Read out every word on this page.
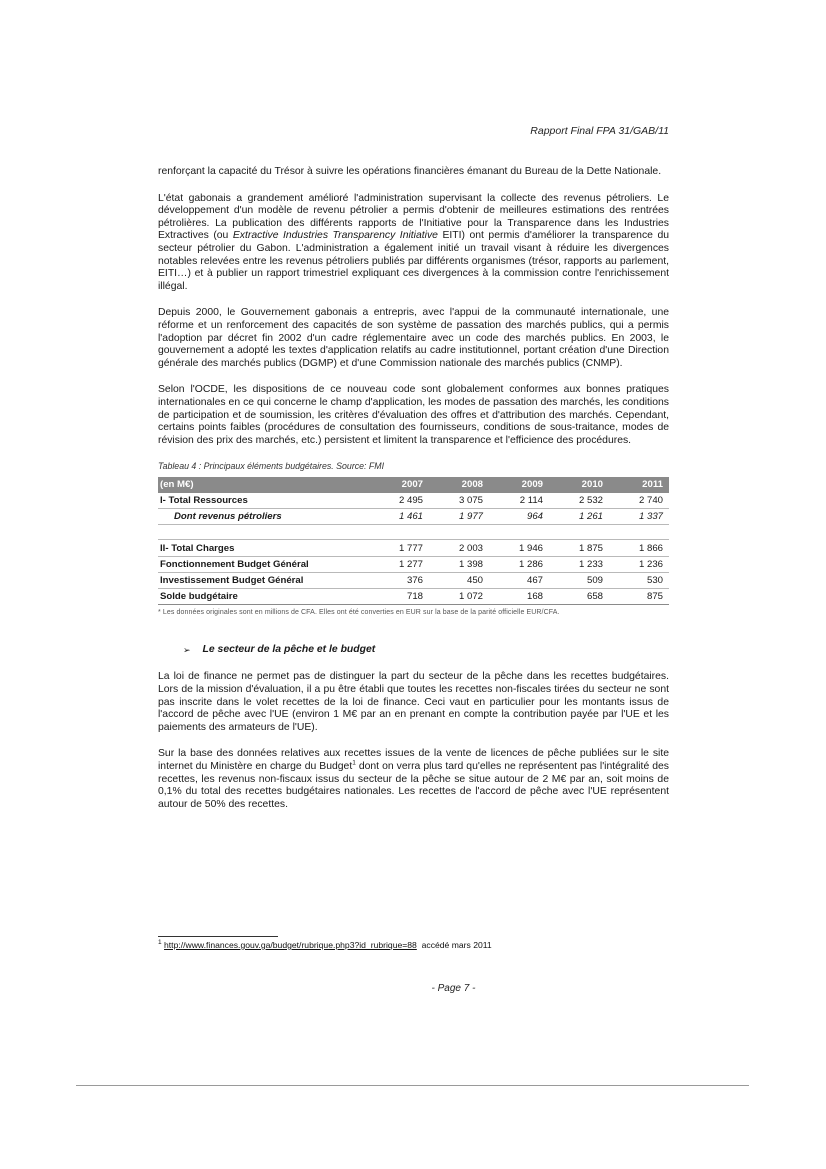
Rapport Final FPA 31/GAB/11

renforçant la capacité du Trésor à suivre les opérations financières émanant du Bureau de la Dette Nationale.

L'état gabonais a grandement amélioré l'administration supervisant la collecte des revenus pétroliers. Le développement d'un modèle de revenu pétrolier a permis d'obtenir de meilleures estimations des rentrées pétrolières. La publication des différents rapports de l'Initiative pour la Transparence dans les Industries Extractives (ou Extractive Industries Transparency Initiative EITI) ont permis d'améliorer la transparence du secteur pétrolier du Gabon. L'administration a également initié un travail visant à réduire les divergences notables relevées entre les revenus pétroliers publiés par différents organismes (trésor, rapports au parlement, EITI…) et à publier un rapport trimestriel expliquant ces divergences à la commission contre l'enrichissement illégal.

Depuis 2000, le Gouvernement gabonais a entrepris, avec l'appui de la communauté internationale, une réforme et un renforcement des capacités de son système de passation des marchés publics, qui a permis l'adoption par décret fin 2002 d'un cadre réglementaire avec un code des marchés publics. En 2003, le gouvernement a adopté les textes d'application relatifs au cadre institutionnel, portant création d'une Direction générale des marchés publics (DGMP) et d'une Commission nationale des marchés publics (CNMP).

Selon l'OCDE, les dispositions de ce nouveau code sont globalement conformes aux bonnes pratiques internationales en ce qui concerne le champ d'application, les modes de passation des marchés, les conditions de participation et de soumission, les critères d'évaluation des offres et d'attribution des marchés. Cependant, certains points faibles (procédures de consultation des fournisseurs, conditions de sous-traitance, modes de révision des prix des marchés, etc.) persistent et limitent la transparence et l'efficience des procédures.

Tableau 4 : Principaux éléments budgétaires. Source: FMI
(en M€)	2007	2008	2009	2010	2011
I- Total Ressources	2 495	3 075	2 114	2 532	2 740
Dont revenus pétroliers	1 461	1 977	964	1 261	1 337

II- Total Charges	1 777	2 003	1 946	1 875	1 866
Fonctionnement Budget Général	1 277	1 398	1 286	1 233	1 236
Investissement Budget Général	376	450	467	509	530
Solde budgétaire	718	1 072	168	658	875
* Les données originales sont en millions de CFA. Elles ont été converties en EUR sur la base de la parité officielle EUR/CFA.
➢ Le secteur de la pêche et le budget

La loi de finance ne permet pas de distinguer la part du secteur de la pêche dans les recettes budgétaires. Lors de la mission d'évaluation, il a pu être établi que toutes les recettes non-fiscales tirées du secteur ne sont pas inscrite dans le volet recettes de la loi de finance. Ceci vaut en particulier pour les montants issus de l'accord de pêche avec l'UE (environ 1 M€ par an en prenant en compte la contribution payée par l'UE et les paiements des armateurs de l'UE).

Sur la base des données relatives aux recettes issues de la vente de licences de pêche publiées sur le site internet du Ministère en charge du Budget$^1$ dont on verra plus tard qu'elles ne représentent pas l'intégralité des recettes, les revenus non-fiscaux issus du secteur de la pêche se situe autour de 2 M€ par an, soit moins de 0,1% du total des recettes budgétaires nationales. Les recettes de l'accord de pêche avec l'UE représentent autour de 50% des recettes.

$^1$ http://www.finances.gouv.ga/budget/rubrique.php3?id_rubrique=88 accédé mars 2011
- Page 7 -
